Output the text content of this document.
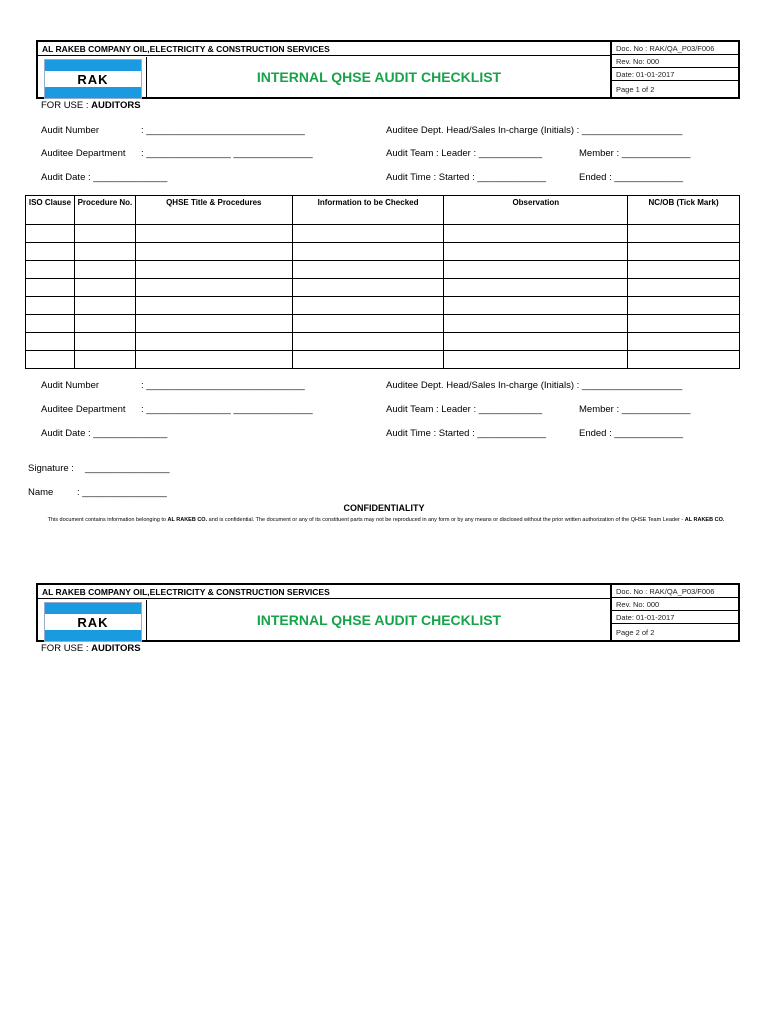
AL RAKEB COMPANY OIL,ELECTRICITY & CONSTRUCTION SERVICES
RAK	INTERNAL QHSE AUDIT CHECKLIST
Doc. No : RAK/QA_P03/F006
Rev. No: 000
Date: 01-01-2017
Page 1 of 2
FOR USE : AUDITORS
Audit Number	: ______________________________	Auditee Dept. Head/Sales In-charge (Initials) : ___________________
Auditee Department : ________________ _______________	Audit Team : Leader : ____________	Member : _____________
Audit Date : ______________	Audit Time : Started : _____________	Ended : _____________
ISO Clause	Procedure No.	QHSE Title & Procedures	Information to be Checked	Observation	NC/OB (Tick Mark)

Audit Number	: ______________________________	Auditee Dept. Head/Sales In-charge (Initials) : ___________________
Auditee Department : ________________ _______________	Audit Team : Leader : ____________	Member : _____________
Audit Date : ______________	Audit Time : Started : _____________	Ended : _____________
Signature : ________________
Name : ________________
CONFIDENTIALITY
This document contains information belonging to AL RAKEB CO. and is confidential. The document or any of its constituent parts may not be reproduced in any form or by any means or disclosed without the prior written authorization of the QHSE Team Leader - AL RAKEB CO.
AL RAKEB COMPANY OIL,ELECTRICITY & CONSTRUCTION SERVICES
RAK	INTERNAL QHSE AUDIT CHECKLIST
Doc. No : RAK/QA_P03/F006
Rev. No: 000
Date: 01-01-2017
Page 2 of 2
FOR USE : AUDITORS
